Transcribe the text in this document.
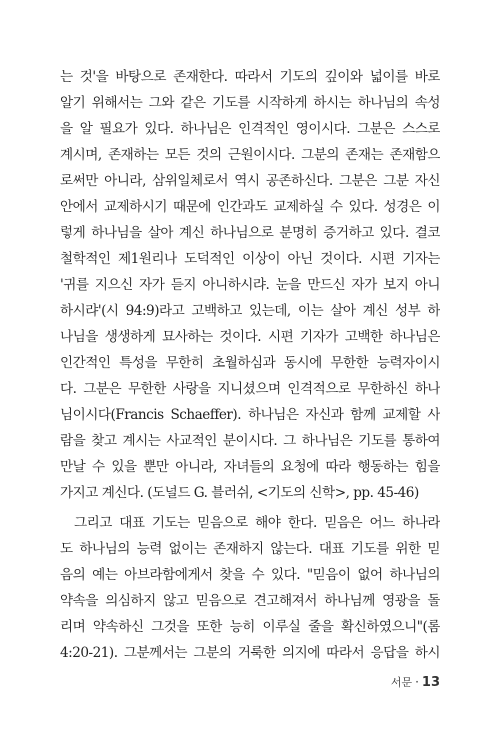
는 것'을 바탕으로 존재한다. 따라서 기도의 깊이와 넓이를 바로
알기 위해서는 그와 같은 기도를 시작하게 하시는 하나님의 속성
을 알 필요가 있다. 하나님은 인격적인 영이시다. 그분은 스스로
계시며, 존재하는 모든 것의 근원이시다. 그분의 존재는 존재함으
로써만 아니라, 삼위일체로서 역시 공존하신다. 그분은 그분 자신
안에서 교제하시기 때문에 인간과도 교제하실 수 있다. 성경은 이
렇게 하나님을 살아 계신 하나님으로 분명히 증거하고 있다. 결코
철학적인 제1원리나 도덕적인 이상이 아닌 것이다. 시편 기자는
'귀를 지으신 자가 듣지 아니하시랴. 눈을 만드신 자가 보지 아니
하시랴'(시 94:9)라고 고백하고 있는데, 이는 살아 계신 성부 하
나님을 생생하게 묘사하는 것이다. 시편 기자가 고백한 하나님은
인간적인 특성을 무한히 초월하심과 동시에 무한한 능력자이시
다. 그분은 무한한 사랑을 지니셨으며 인격적으로 무한하신 하나
님이시다(Francis Schaeffer). 하나님은 자신과 함께 교제할 사
람을 찾고 계시는 사교적인 분이시다. 그 하나님은 기도를 통하여
만날 수 있을 뿐만 아니라, 자녀들의 요청에 따라 행동하는 힘을
가지고 계신다. (도널드 G. 블러쉬, <기도의 신학>, pp. 45-46)
그리고 대표 기도는 믿음으로 해야 한다. 믿음은 어느 하나라
도 하나님의 능력 없이는 존재하지 않는다. 대표 기도를 위한 믿
음의 예는 아브라함에게서 찾을 수 있다. "믿음이 없어 하나님의
약속을 의심하지 않고 믿음으로 견고해져서 하나님께 영광을 돌
리며 약속하신 그것을 또한 능히 이루실 줄을 확신하였으니"(롬
4:20-21). 그분께서는 그분의 거룩한 의지에 따라서 응답을 하시
서문 · 13
